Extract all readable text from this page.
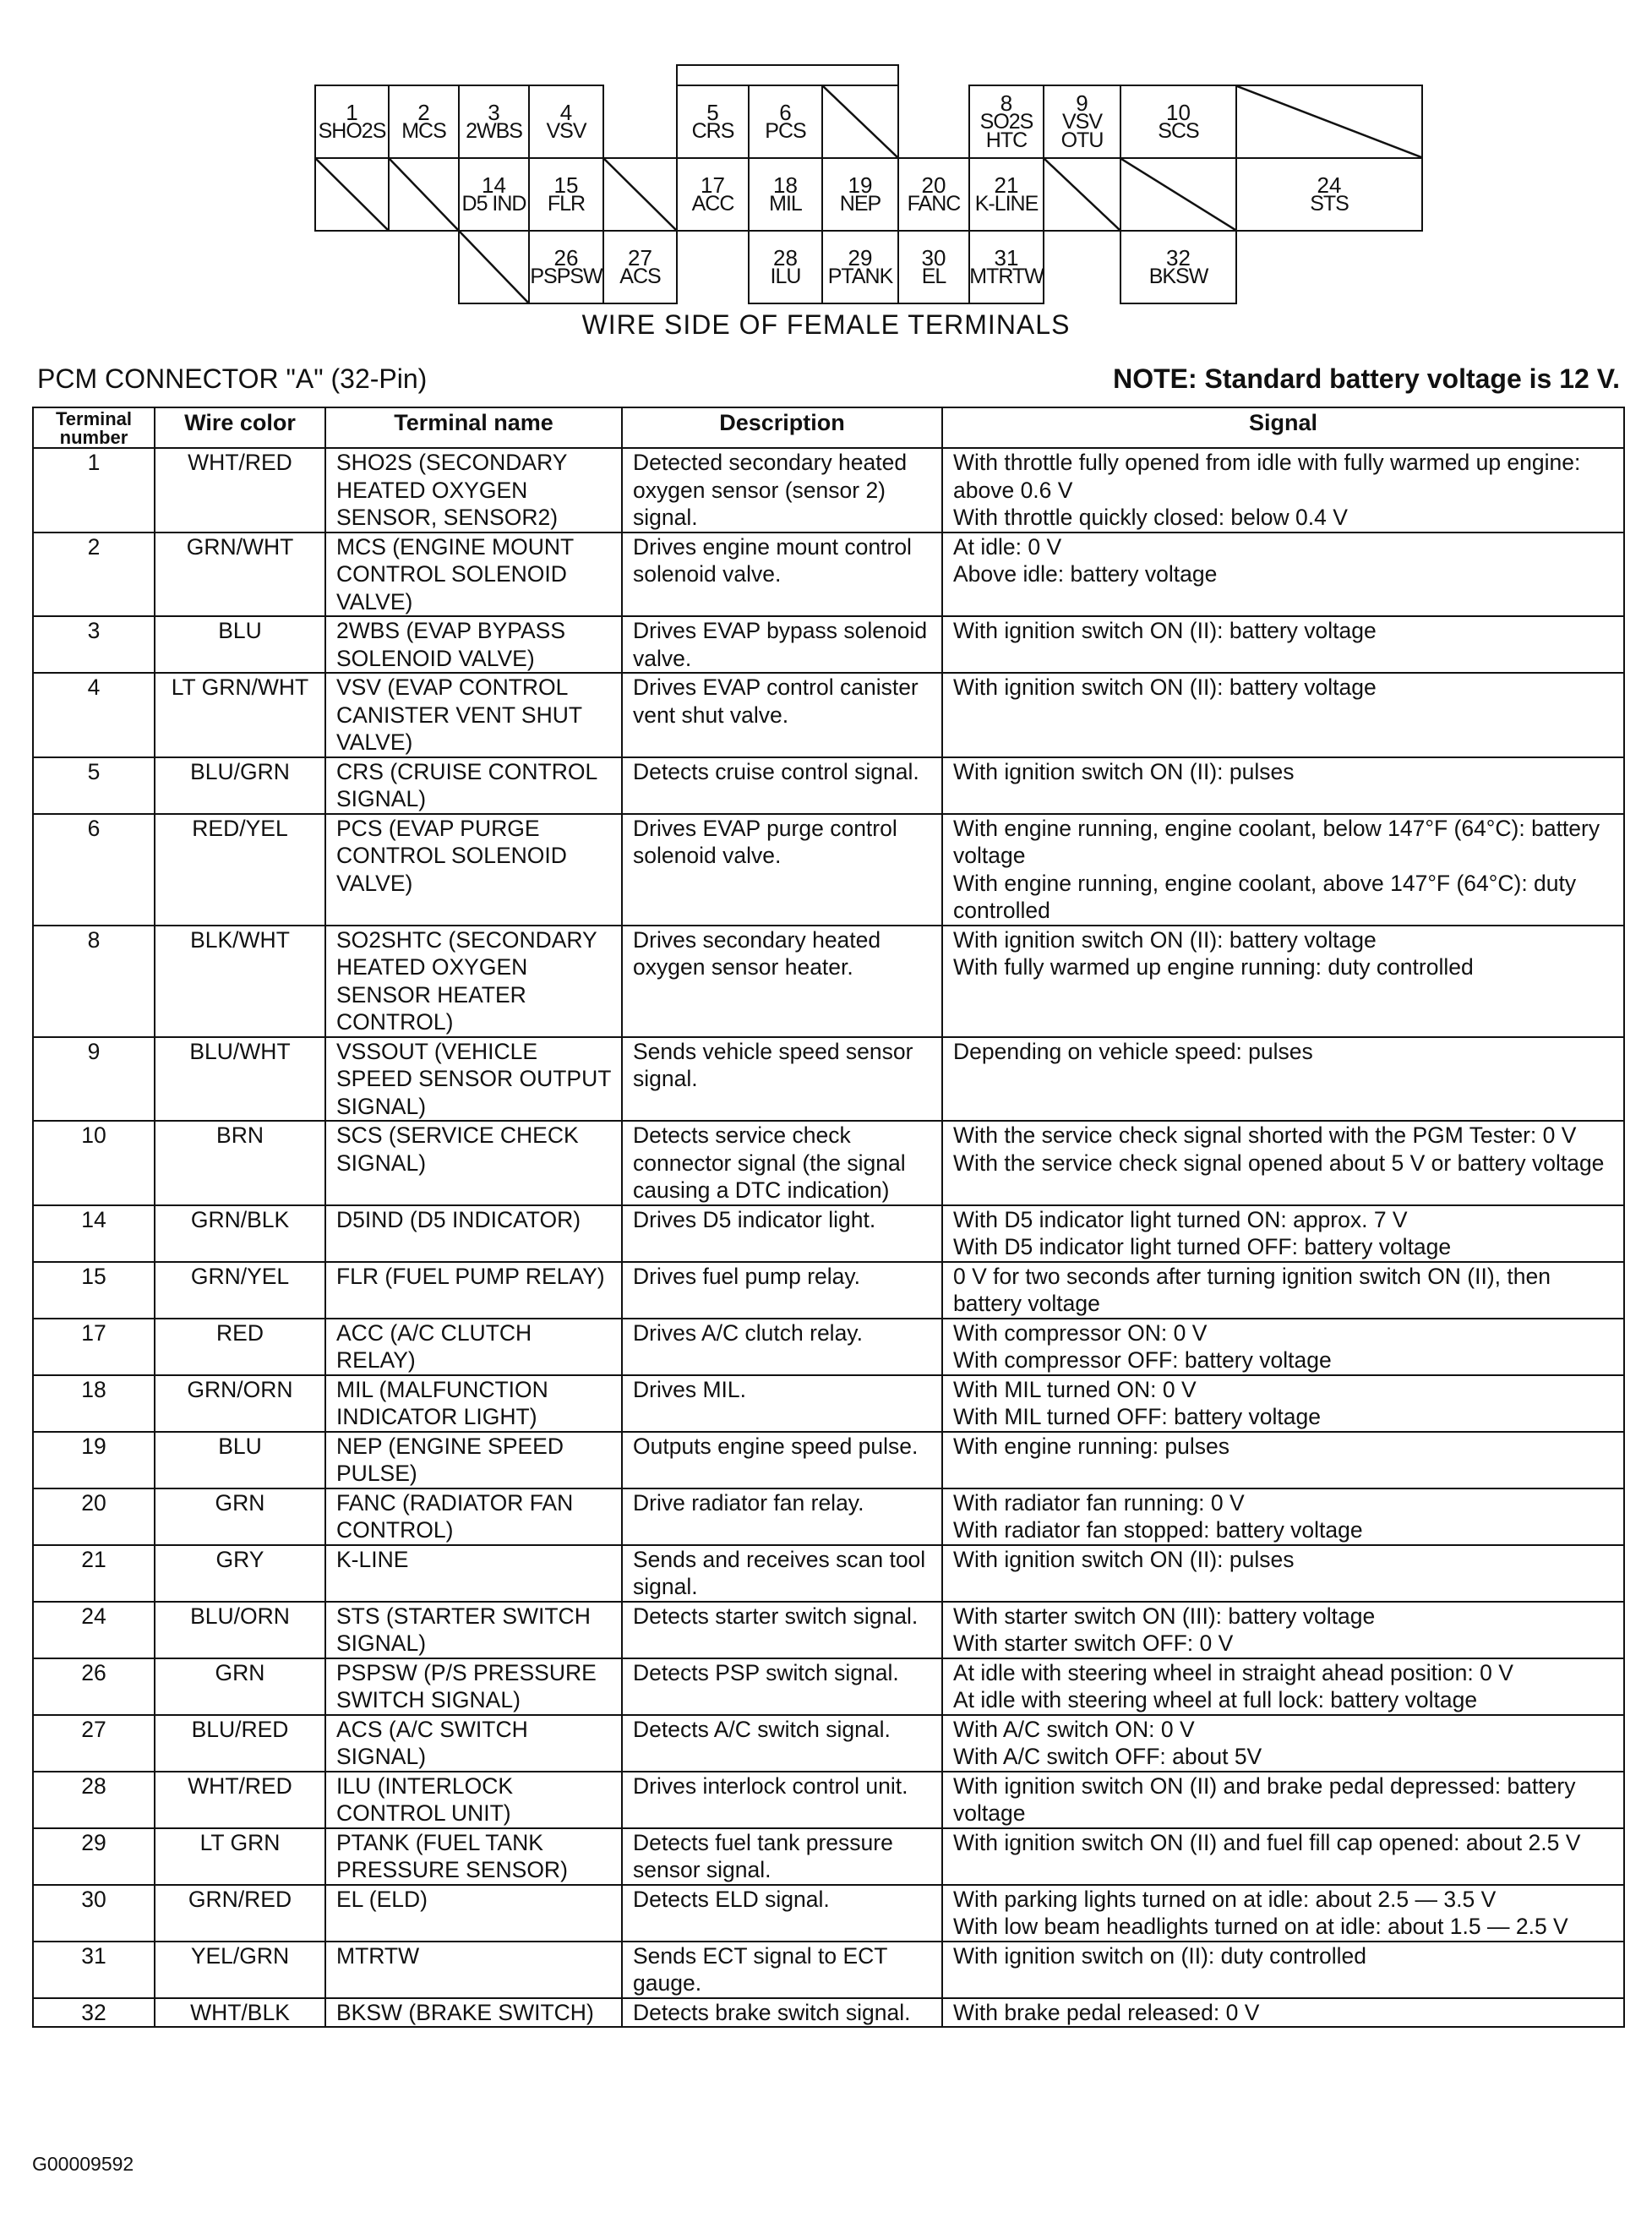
1
SHO2S
2
MCS
3
2WBS
4
VSV
5
CRS
6
PCS
8
SO2S HTC
9
VSV OTU
10
SCS
14
D5 IND
15
FLR
17
ACC
18
MIL
19
NEP
20
FANC
21
K-LINE
24
STS
26
PSPSW
27
ACS
28
ILU
29
PTANK
30
EL
31
MTRTW
32
BKSW
WIRE SIDE OF FEMALE TERMINALS
PCM CONNECTOR "A" (32-Pin)	NOTE: Standard battery voltage is 12 V.
Terminal number	Wire color	Terminal name	Description	Signal
1	WHT/RED	SHO2S (SECONDARY HEATED OXYGEN SENSOR, SENSOR2)	Detected secondary heated oxygen sensor (sensor 2) signal.	With throttle fully opened from idle with fully warmed up engine: above 0.6 V
With throttle quickly closed: below 0.4 V
2	GRN/WHT	MCS (ENGINE MOUNT CONTROL SOLENOID VALVE)	Drives engine mount control solenoid valve.	At idle: 0 V
Above idle: battery voltage
3	BLU	2WBS (EVAP BYPASS SOLENOID VALVE)	Drives EVAP bypass solenoid valve.	With ignition switch ON (II): battery voltage
4	LT GRN/WHT	VSV (EVAP CONTROL CANISTER VENT SHUT VALVE)	Drives EVAP control canister vent shut valve.	With ignition switch ON (II): battery voltage
5	BLU/GRN	CRS (CRUISE CONTROL SIGNAL)	Detects cruise control signal.	With ignition switch ON (II): pulses
6	RED/YEL	PCS (EVAP PURGE CONTROL SOLENOID VALVE)	Drives EVAP purge control solenoid valve.	With engine running, engine coolant, below 147°F (64°C): battery voltage
With engine running, engine coolant, above 147°F (64°C): duty controlled
8	BLK/WHT	SO2SHTC (SECONDARY HEATED OXYGEN SENSOR HEATER CONTROL)	Drives secondary heated oxygen sensor heater.	With ignition switch ON (II): battery voltage
With fully warmed up engine running: duty controlled
9	BLU/WHT	VSSOUT (VEHICLE SPEED SENSOR OUTPUT SIGNAL)	Sends vehicle speed sensor signal.	Depending on vehicle speed: pulses
10	BRN	SCS (SERVICE CHECK SIGNAL)	Detects service check connector signal (the signal causing a DTC indication)	With the service check signal shorted with the PGM Tester: 0 V
With the service check signal opened about 5 V or battery voltage
14	GRN/BLK	D5IND (D5 INDICATOR)	Drives D5 indicator light.	With D5 indicator light turned ON: approx. 7 V
With D5 indicator light turned OFF: battery voltage
15	GRN/YEL	FLR (FUEL PUMP RELAY)	Drives fuel pump relay.	0 V for two seconds after turning ignition switch ON (II), then battery voltage
17	RED	ACC (A/C CLUTCH RELAY)	Drives A/C clutch relay.	With compressor ON: 0 V
With compressor OFF: battery voltage
18	GRN/ORN	MIL (MALFUNCTION INDICATOR LIGHT)	Drives MIL.	With MIL turned ON: 0 V
With MIL turned OFF: battery voltage
19	BLU	NEP (ENGINE SPEED PULSE)	Outputs engine speed pulse.	With engine running: pulses
20	GRN	FANC (RADIATOR FAN CONTROL)	Drive radiator fan relay.	With radiator fan running: 0 V
With radiator fan stopped: battery voltage
21	GRY	K-LINE	Sends and receives scan tool signal.	With ignition switch ON (II): pulses
24	BLU/ORN	STS (STARTER SWITCH SIGNAL)	Detects starter switch signal.	With starter switch ON (III): battery voltage
With starter switch OFF: 0 V
26	GRN	PSPSW (P/S PRESSURE SWITCH SIGNAL)	Detects PSP switch signal.	At idle with steering wheel in straight ahead position: 0 V
At idle with steering wheel at full lock: battery voltage
27	BLU/RED	ACS (A/C SWITCH SIGNAL)	Detects A/C switch signal.	With A/C switch ON: 0 V
With A/C switch OFF: about 5V
28	WHT/RED	ILU (INTERLOCK CONTROL UNIT)	Drives interlock control unit.	With ignition switch ON (II) and brake pedal depressed: battery voltage
29	LT GRN	PTANK (FUEL TANK PRESSURE SENSOR)	Detects fuel tank pressure sensor signal.	With ignition switch ON (II) and fuel fill cap opened: about 2.5 V
30	GRN/RED	EL (ELD)	Detects ELD signal.	With parking lights turned on at idle: about 2.5 — 3.5 V
With low beam headlights turned on at idle: about 1.5 — 2.5 V
31	YEL/GRN	MTRTW	Sends ECT signal to ECT gauge.	With ignition switch on (II): duty controlled
32	WHT/BLK	BKSW (BRAKE SWITCH)	Detects brake switch signal.	With brake pedal released: 0 V
G00009592
